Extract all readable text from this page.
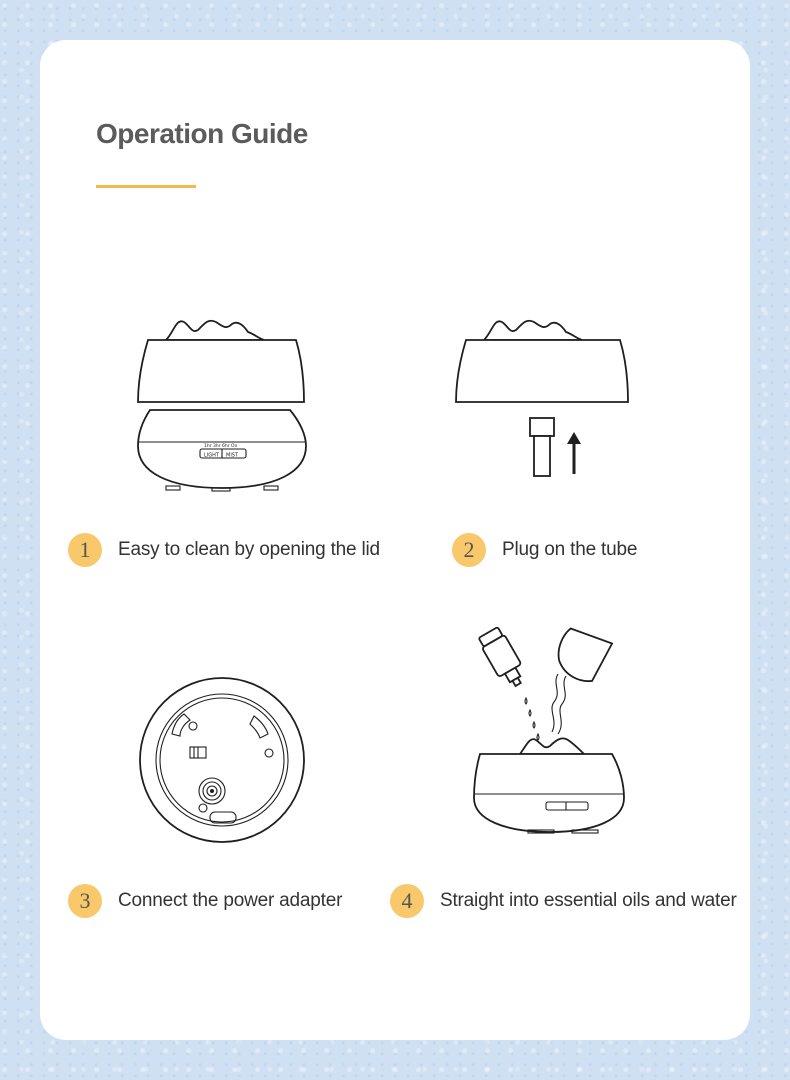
Operation Guide
LIGHT MIST
1hr 3hr 6hr On
1	Easy to clean by opening the lid	2	Plug on the tube
3	Connect the power adapter	4	Straight into essential oils and water
